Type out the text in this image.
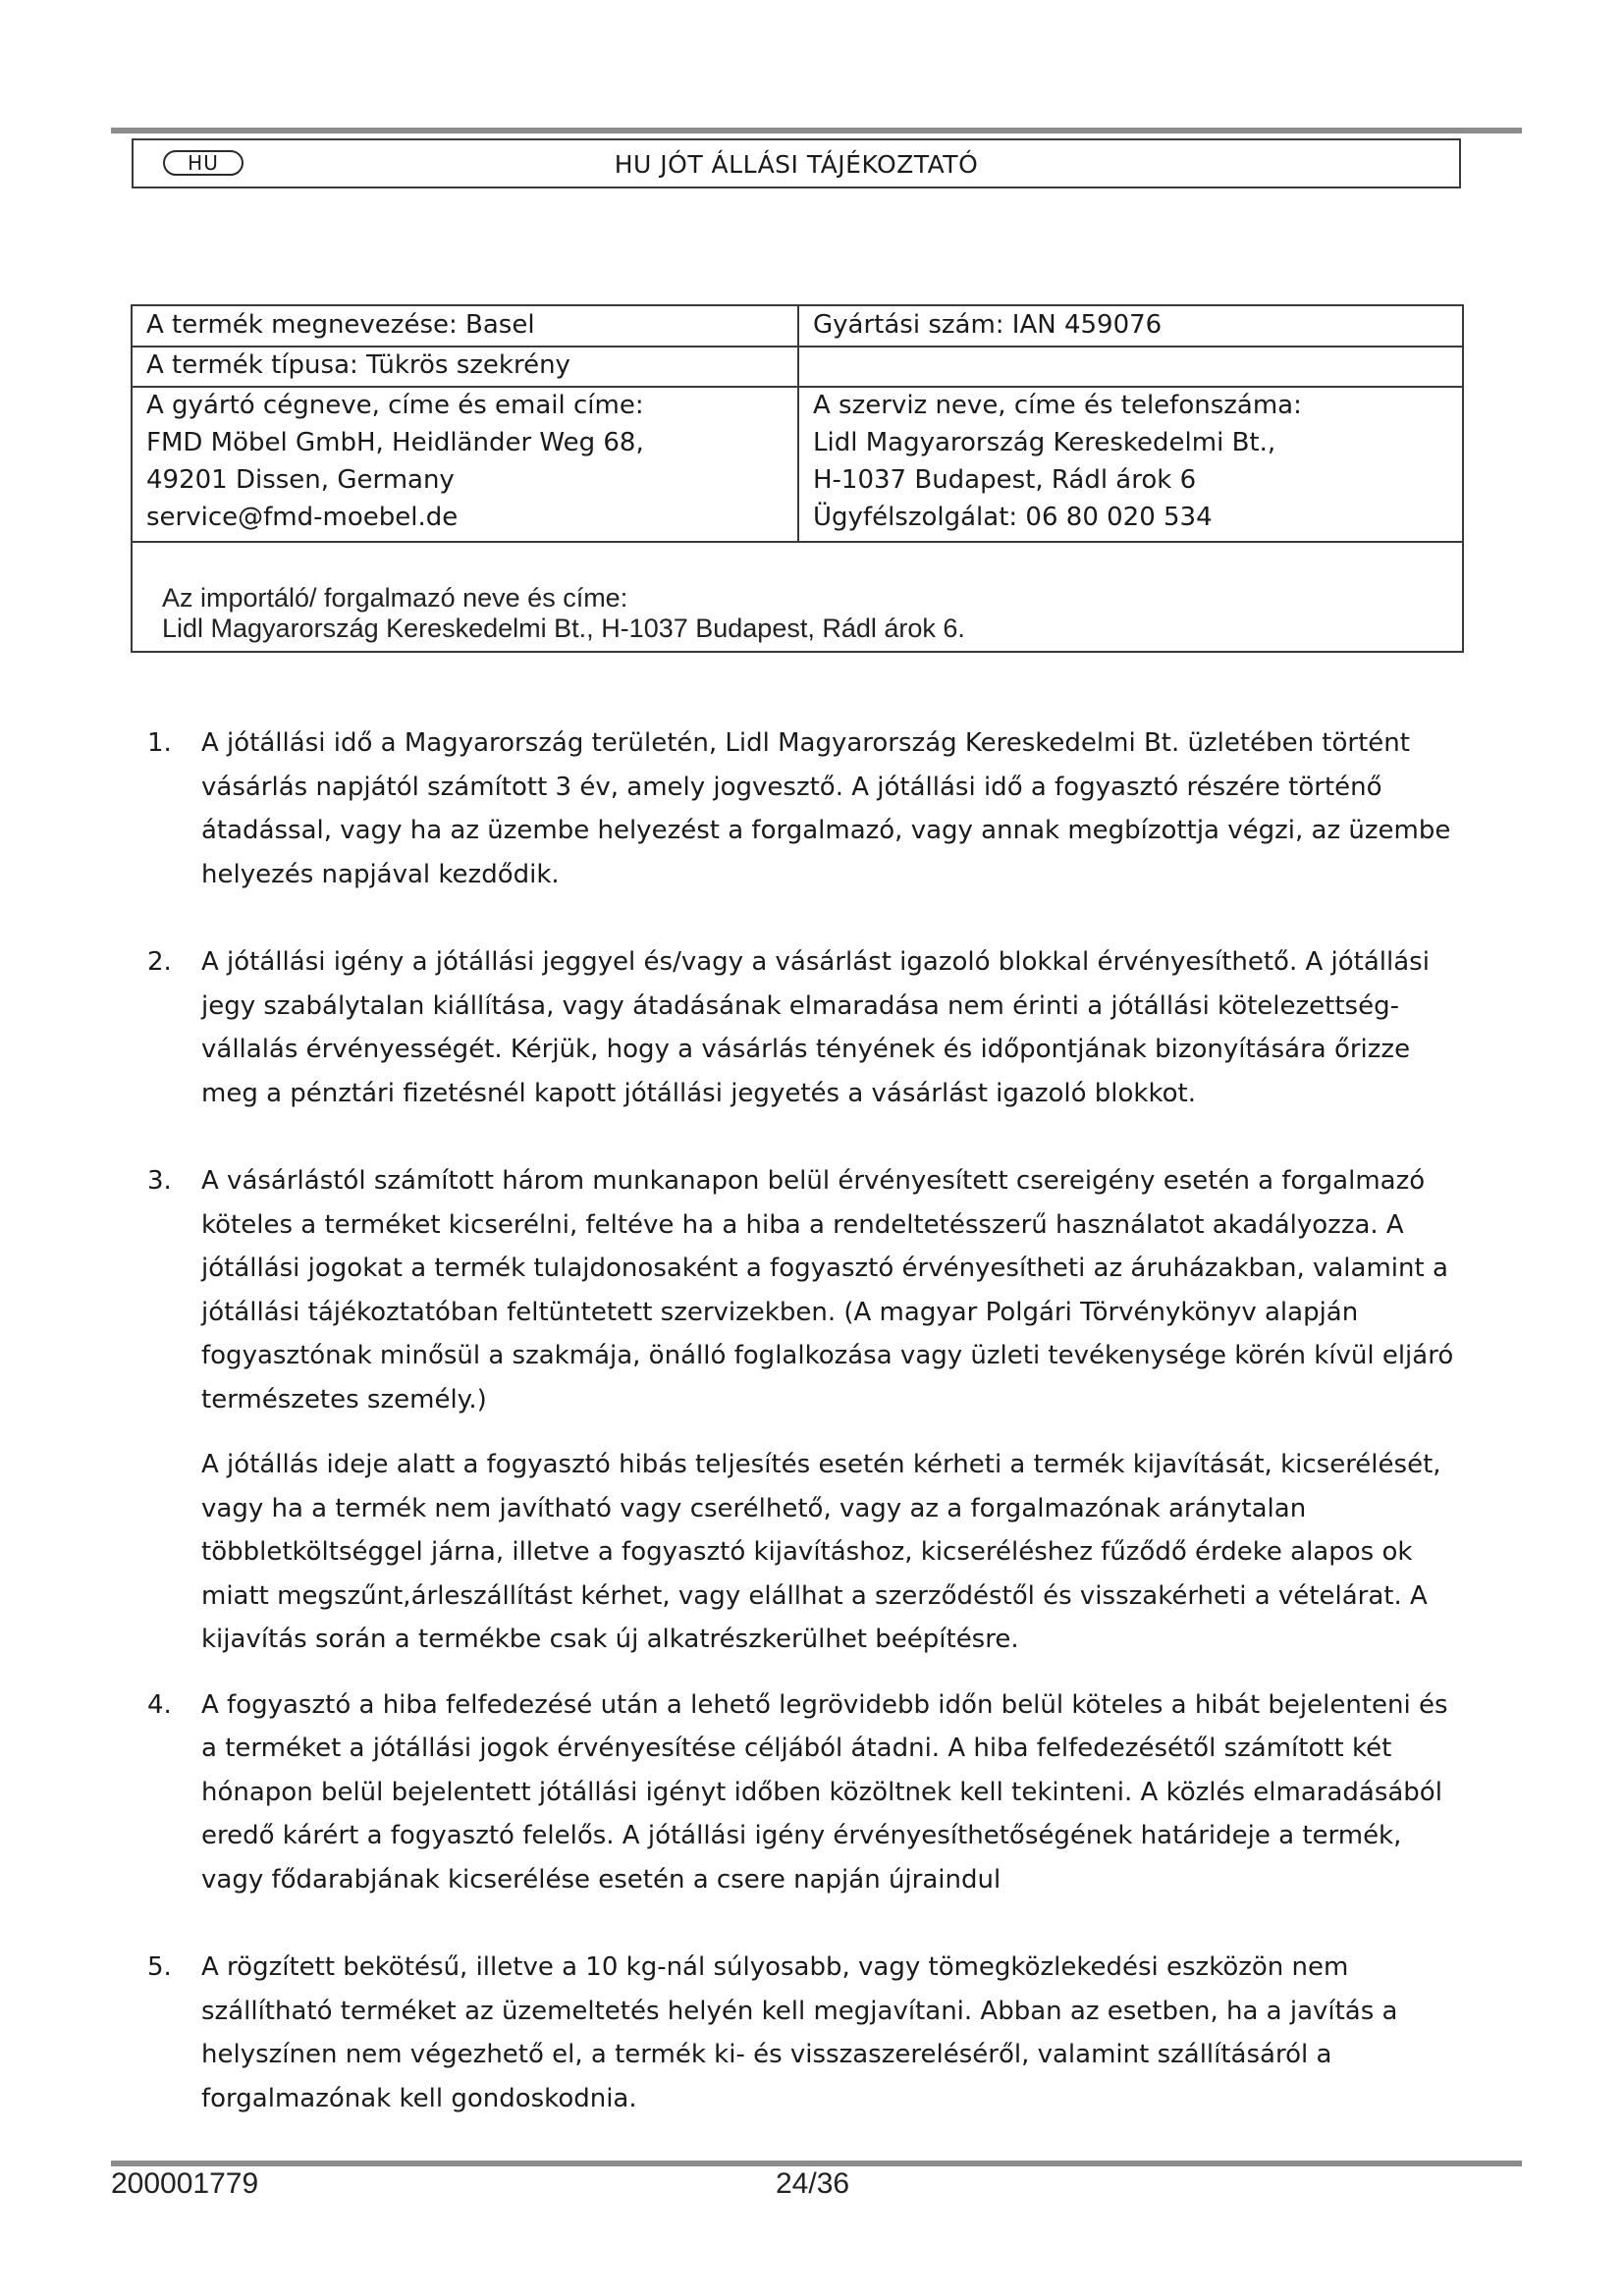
HU	HU JÓT ÁLLÁSI TÁJÉKOZTATÓ
A termék megnevezése: Basel	Gyártási szám: IAN 459076
A termék típusa: Tükrös szekrény
A gyártó cégneve, címe és email címe:
FMD Möbel GmbH, Heidländer Weg 68,
49201 Dissen, Germany
service@fmd-moebel.de
A szerviz neve, címe és telefonszáma:
Lidl Magyarország Kereskedelmi Bt.,
H-1037 Budapest, Rádl árok 6
Ügyfélszolgálat: 06 80 020 534
Az importáló/ forgalmazó neve és címe:
Lidl Magyarország Kereskedelmi Bt., H-1037 Budapest, Rádl árok 6.
1. A jótállási idő a Magyarország területén, Lidl Magyarország Kereskedelmi Bt. üzletében történt
vásárlás napjától számított 3 év, amely jogvesztő. A jótállási idő a fogyasztó részére történő
átadással, vagy ha az üzembe helyezést a forgalmazó, vagy annak megbízottja végzi, az üzembe
helyezés napjával kezdődik.
2. A jótállási igény a jótállási jeggyel és/vagy a vásárlást igazoló blokkal érvényesíthető. A jótállási
jegy szabálytalan kiállítása, vagy átadásának elmaradása nem érinti a jótállási kötelezettség-
vállalás érvényességét. Kérjük, hogy a vásárlás tényének és időpontjának bizonyítására őrizze
meg a pénztári fizetésnél kapott jótállási jegyetés a vásárlást igazoló blokkot.
3. A vásárlástól számított három munkanapon belül érvényesített csereigény esetén a forgalmazó
köteles a terméket kicserélni, feltéve ha a hiba a rendeltetésszerű használatot akadályozza. A
jótállási jogokat a termék tulajdonosaként a fogyasztó érvényesítheti az áruházakban, valamint a
jótállási tájékoztatóban feltüntetett szervizekben. (A magyar Polgári Törvénykönyv alapján
fogyasztónak minősül a szakmája, önálló foglalkozása vagy üzleti tevékenysége körén kívül eljáró
természetes személy.)
A jótállás ideje alatt a fogyasztó hibás teljesítés esetén kérheti a termék kijavítását, kicserélését,
vagy ha a termék nem javítható vagy cserélhető, vagy az a forgalmazónak aránytalan
többletköltséggel járna, illetve a fogyasztó kijavításhoz, kicseréléshez fűződő érdeke alapos ok
miatt megszűnt,árleszállítást kérhet, vagy elállhat a szerződéstől és visszakérheti a vételárat. A
kijavítás során a termékbe csak új alkatrészkerülhet beépítésre.
4. A fogyasztó a hiba felfedezésé után a lehető legrövidebb időn belül köteles a hibát bejelenteni és
a terméket a jótállási jogok érvényesítése céljából átadni. A hiba felfedezésétől számított két
hónapon belül bejelentett jótállási igényt időben közöltnek kell tekinteni. A közlés elmaradásából
eredő kárért a fogyasztó felelős. A jótállási igény érvényesíthetőségének határideje a termék,
vagy fődarabjának kicserélése esetén a csere napján újraindul
5. A rögzített bekötésű, illetve a 10 kg-nál súlyosabb, vagy tömegközlekedési eszközön nem
szállítható terméket az üzemeltetés helyén kell megjavítani. Abban az esetben, ha a javítás a
helyszínen nem végezhető el, a termék ki- és visszaszereléséről, valamint szállításáról a
forgalmazónak kell gondoskodnia.
200001779	24/36
